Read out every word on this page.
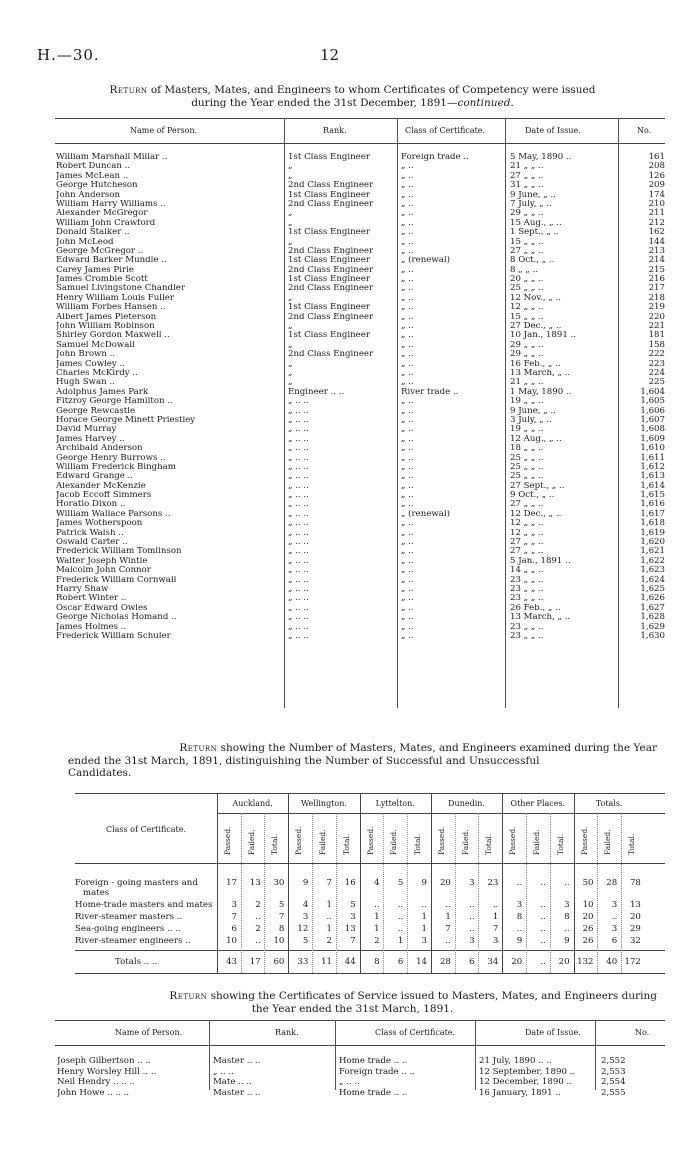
H.—30.	12
Return of Masters, Mates, and Engineers to whom Certificates of Competency were issued
during the Year ended the 31st December, 1891—continued.
Name of Person.	Rank.	Class of Certificate.	Date of Issue.	No.
William Marshall Millar ..	1st Class Engineer	Foreign trade ..	5 May, 1890 ..	161
Robert Duncan ..	„	„ ..	21 „ „ ..	208
James McLean ..	„	„ ..	27 „ „ ..	126
George Hutcheson	2nd Class Engineer	„ ..	31 „ „ ..	209
John Anderson	1st Class Engineer	„ ..	9 June, „ ..	174
William Harry Williams ..	2nd Class Engineer	„ ..	7 July, „ ..	210
Alexander McGregor	„	„ ..	29 „ „ ..	211
William John Crawford	„	„ ..	15 Aug., „ ..	212
Donald Stalker ..	1st Class Engineer	„ ..	1 Sept., „ ..	162
John McLeod	„	„ ..	15 „ „ ..	144
George McGregor ..	2nd Class Engineer	„ ..	27 „ „ ..	213
Edward Barker Mundle ..	1st Class Engineer	„ (renewal)	8 Oct., „ ..	214
Carey James Pirie	2nd Class Engineer	„ ..	8 „ „ ..	215
James Crombie Scott	1st Class Engineer	„ ..	20 „ „ ..	216
Samuel Livingstone Chandler	2nd Class Engineer	„ ..	25 „ „ ..	217
Henry William Louis Fuller	„	„ ..	12 Nov., „ ..	218
William Forbes Hansen ..	1st Class Engineer	„ ..	12 „ „ ..	219
Albert James Pieterson	2nd Class Engineer	„ ..	15 „ „ ..	220
John William Robinson	„	„ ..	27 Dec., „ ..	221
Shirley Gordon Maxwell ..	1st Class Engineer	„ ..	10 Jan., 1891 ..	181
Samuel McDowall	„	„ ..	29 „ „ ..	158
John Brown ..	2nd Class Engineer	„ ..	29 „ „ ..	222
James Cowley ..	„	„ ..	16 Feb., „ ..	223
Charles McKirdy ..	„	„ ..	13 March, „ ..	224
Hugh Swan ..	„	„ ..	21 „ „ ..	225
Adolphus James Park	Engineer .. ..	River trade ..	1 May, 1890 ..	1,604
Fitzroy George Hamilton ..	„ .. ..	„ ..	19 „ „ ..	1,605
George Rewcastle	„ .. ..	„ ..	9 June, „ ..	1,606
Horace George Minett Priestley	„ .. ..	„ ..	3 July, „ ..	1,607
David Murray	„ .. ..	„ ..	19 „ „ ..	1,608
James Harvey ..	„ .. ..	„ ..	12 Aug., „ ..	1,609
Archibald Anderson	„ .. ..	„ ..	18 „ „ ..	1,610
George Henry Burrows ..	„ .. ..	„ ..	25 „ „ ..	1,611
William Frederick Bingham	„ .. ..	„ ..	25 „ „ ..	1,612
Edward Grange ..	„ .. ..	„ ..	25 „ „ ..	1,613
Alexander McKenzie	„ .. ..	„ ..	27 Sept., „ ..	1,614
Jacob Eccoff Simmers	„ .. ..	„ ..	9 Oct., „ ..	1,615
Horatio Dixon ..	„ .. ..	„ ..	27 „ „ ..	1,616
William Wallace Parsons ..	„ .. ..	„ (renewal)	12 Dec., „ ..	1,617
James Wotherspoon	„ .. ..	„ ..	12 „ „ ..	1,618
Patrick Walsh ..	„ .. ..	„ ..	12 „ „ ..	1,619
Oswald Carter ..	„ .. ..	„ ..	27 „ „ ..	1,620
Frederick William Tomlinson	„ .. ..	„ ..	27 „ „ ..	1,621
Walter Joseph Wintle	„ .. ..	„ ..	5 Jan., 1891 ..	1,622
Malcolm John Connor	„ .. ..	„ ..	14 „ „ ..	1,623
Frederick William Cornwall	„ .. ..	„ ..	23 „ „ ..	1,624
Harry Shaw	„ .. ..	„ ..	23 „ „ ..	1,625
Robert Winter ..	„ .. ..	„ ..	23 „ „ ..	1,626
Oscar Edward Owles	„ .. ..	„ ..	26 Feb., „ ..	1,627
George Nicholas Homand ..	„ .. ..	„ ..	13 March, „ ..	1,628
James Holmes ..	„ .. ..	„ ..	23 „ „ ..	1,629
Frederick William Schuler	„ .. ..	„ ..	23 „ „ ..	1,630
Return showing the Number of Masters, Mates, and Engineers examined during the Year
ended the 31st March, 1891, distinguishing the Number of Successful and Unsuccessful
Candidates.
Auckland.
Passed. Failed. Total.
Wellington.
Passed. Failed. Total.
Lyttelton.
Passed. Failed. Total.
Dunedin.
Passed. Failed. Total.
Other Places.
Passed. Failed. Total.
Totals.
Passed. Failed. Total.
Class of Certificate.
Foreign - going masters and	17	13	30	9	7	16	4	5	9	20	3	23	..	..	..	50	28	78
mates
Home-trade masters and mates	3	2	5	4	1	5	..	..	..	..	..	..	3	..	3	10	3	13
River-steamer masters ..	7	..	7	3	..	3	1	..	1	1	..	1	8	..	8	20	..	20
Sea-going engineers .. ..	6	2	8	12	1	13	1	..	1	7	..	7	..	..	..	26	3	29
River-steamer engineers ..	10	..	10	5	2	7	2	1	3	..	3	3	9	..	9	26	6	32
Totals .. ..	43	17	60	33	11	44	8	6	14	28	6	34	20	..	20 132	40 172
Return showing the Certificates of Service issued to Masters, Mates, and Engineers during
the Year ended the 31st March, 1891.
Name of Person.	Rank.	Class of Certificate.	Date of Issue.	No.
Joseph Gilbertson .. ..	Master .. ..	Home trade .. ..	21 July, 1890 .. ..	2,552
Henry Worsley Hill .. ..	„ .. ..	Foreign trade .. ..	12 September, 1890 ..	2,553
Neil Hendry .. .. ..	Mate .. ..	„ .. ..	12 December, 1890 ..	2,554
John Howe .. .. ..	Master .. ..	Home trade .. ..	16 January, 1891 ..	2,555
